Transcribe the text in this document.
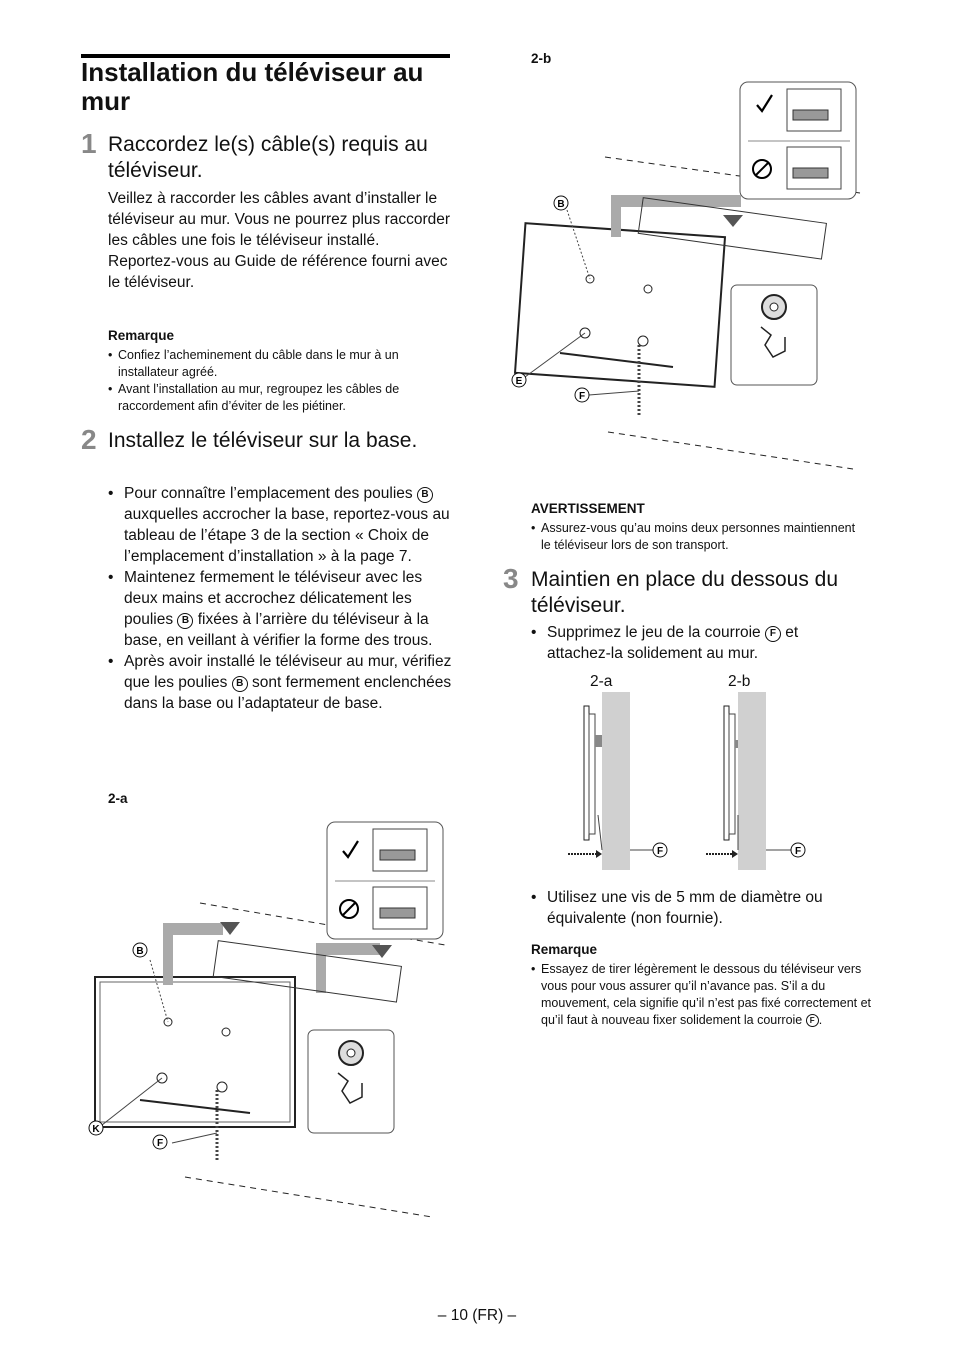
Installation du téléviseur au mur
1 Raccordez le(s) câble(s) requis au téléviseur.
Veillez à raccorder les câbles avant d’installer le téléviseur au mur. Vous ne pourrez plus raccorder les câbles une fois le téléviseur installé.
Reportez-vous au Guide de référence fourni avec le téléviseur.
Remarque
• Confiez l’acheminement du câble dans le mur à un installateur agréé.
• Avant l’installation au mur, regroupez les câbles de raccordement afin d’éviter de les piétiner.
2 Installez le téléviseur sur la base.
• Pour connaître l’emplacement des poulies B auxquelles accrocher la base, reportez-vous au tableau de l’étape 3 de la section « Choix de l’emplacement d’installation » à la page 7.
• Maintenez fermement le téléviseur avec les deux mains et accrochez délicatement les poulies B fixées à l’arrière du téléviseur à la base, en veillant à vérifier la forme des trous.
• Après avoir installé le téléviseur au mur, vérifiez que les poulies B sont fermement enclenchées dans la base ou l’adaptateur de base.
2-a
B
K
F
2-b
B
E
F
AVERTISSEMENT
• Assurez-vous qu’au moins deux personnes maintiennent le téléviseur lors de son transport.
3 Maintien en place du dessous du téléviseur.
• Supprimez le jeu de la courroie F et attachez-la solidement au mur.
2-a	2-b
F	F
• Utilisez une vis de 5 mm de diamètre ou équivalente (non fournie).
Remarque
• Essayez de tirer légèrement le dessous du téléviseur vers vous pour vous assurer qu’il n’avance pas. S’il a du mouvement, cela signifie qu’il n’est pas fixé correctement et qu’il faut à nouveau fixer solidement la courroie F .
– 10 (FR) –
